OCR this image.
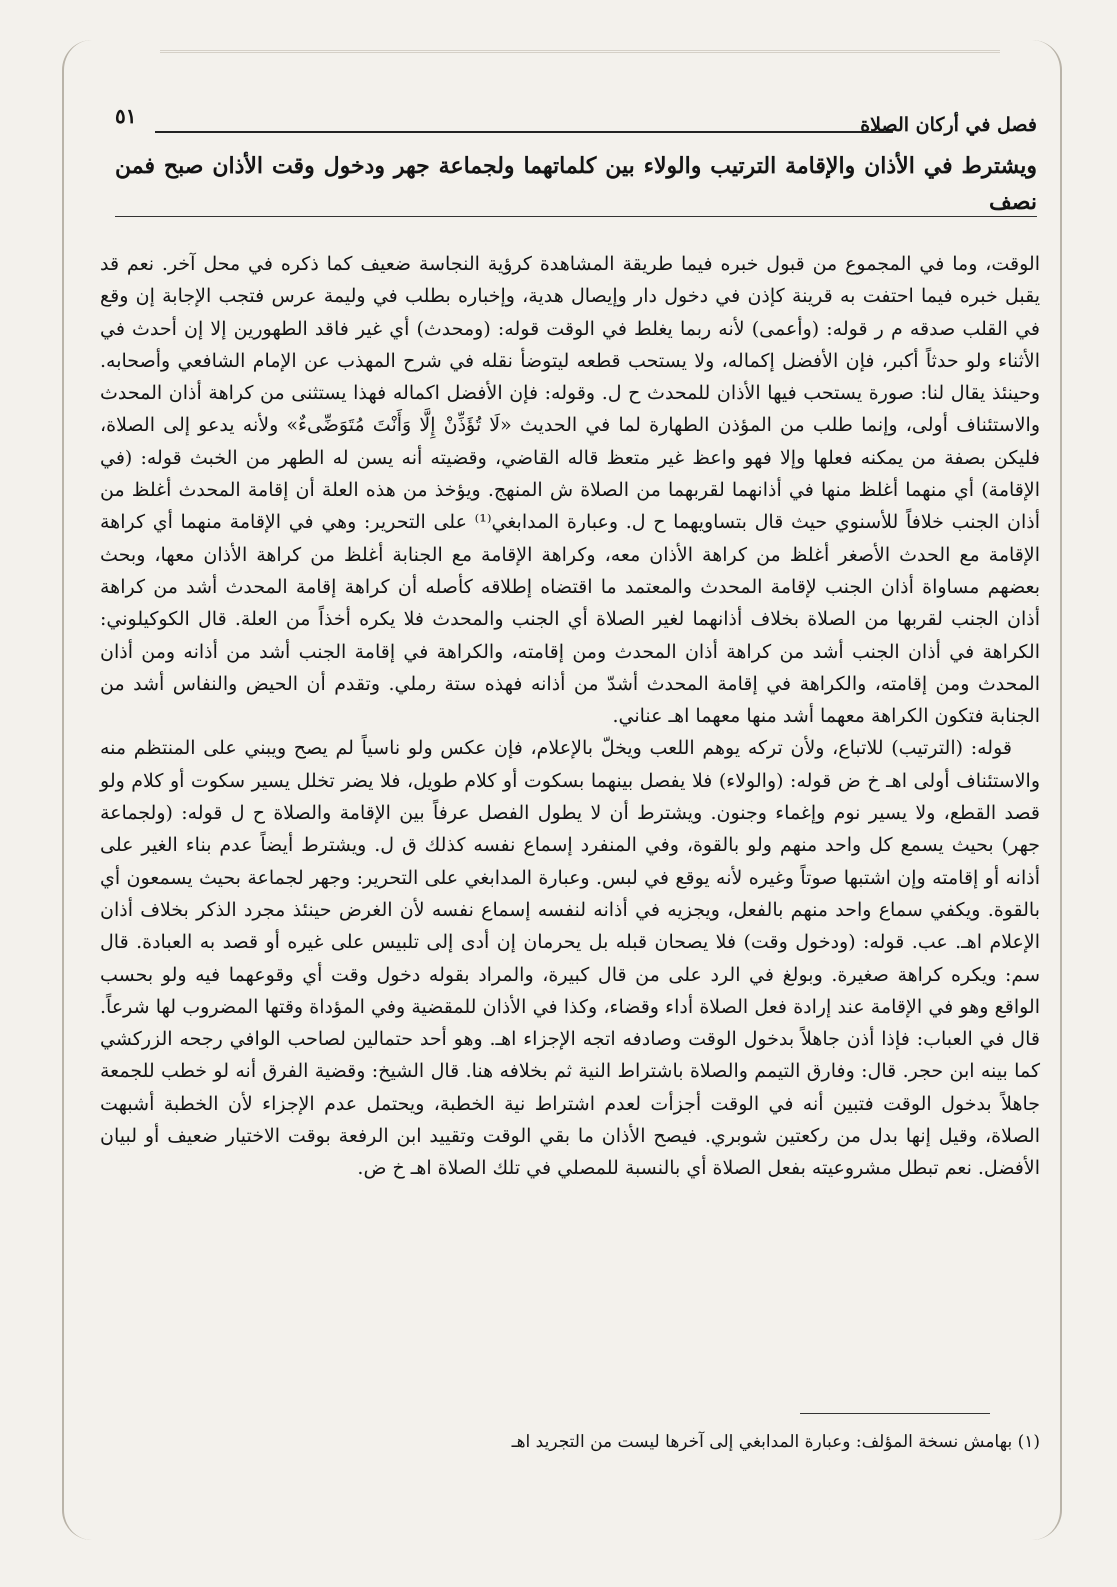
فصل في أركان الصلاة
٥١
ويشترط في الأذان والإقامة الترتيب والولاء بين كلماتهما ولجماعة جهر ودخول وقت الأذان صبح فمن نصف

الوقت، وما في المجموع من قبول خبره فيما طريقة المشاهدة كرؤية النجاسة ضعيف كما ذكره في محل آخر. نعم قد يقبل خبره فيما احتفت به قرينة كإذن في دخول دار وإيصال هدية، وإخباره بطلب في وليمة عرس فتجب الإجابة إن وقع في القلب صدقه م ر قوله: (وأعمى) لأنه ربما يغلط في الوقت قوله: (ومحدث) أي غير فاقد الطهورين إلا إن أحدث في الأثناء ولو حدثاً أكبر، فإن الأفضل إكماله، ولا يستحب قطعه ليتوضأ نقله في شرح المهذب عن الإمام الشافعي وأصحابه. وحينئذ يقال لنا: صورة يستحب فيها الأذان للمحدث ح ل. وقوله: فإن الأفضل اكماله فهذا يستثنى من كراهة أذان المحدث والاستئناف أولى، وإنما طلب من المؤذن الطهارة لما في الحديث «لَا تُؤَذِّنْ إِلَّا وَأَنْتَ مُتَوَضِّىءٌ» ولأنه يدعو إلى الصلاة، فليكن بصفة من يمكنه فعلها وإلا فهو واعظ غير متعظ قاله القاضي، وقضيته أنه يسن له الطهر من الخبث قوله: (في الإقامة) أي منهما أغلظ منها في أذانهما لقربهما من الصلاة ش المنهج. ويؤخذ من هذه العلة أن إقامة المحدث أغلظ من أذان الجنب خلافاً للأسنوي حيث قال بتساويهما ح ل. وعبارة المدابغي⁽¹⁾ على التحرير: وهي في الإقامة منهما أي كراهة الإقامة مع الحدث الأصغر أغلظ من كراهة الأذان معه، وكراهة الإقامة مع الجنابة أغلظ من كراهة الأذان معها، وبحث بعضهم مساواة أذان الجنب لإقامة المحدث والمعتمد ما اقتضاه إطلاقه كأصله أن كراهة إقامة المحدث أشد من كراهة أذان الجنب لقربها من الصلاة بخلاف أذانهما لغير الصلاة أي الجنب والمحدث فلا يكره أخذاً من العلة. قال الكوكيلوني: الكراهة في أذان الجنب أشد من كراهة أذان المحدث ومن إقامته، والكراهة في إقامة الجنب أشد من أذانه ومن أذان المحدث ومن إقامته، والكراهة في إقامة المحدث أشدّ من أذانه فهذه ستة رملي. وتقدم أن الحيض والنفاس أشد من الجنابة فتكون الكراهة معهما أشد منها معهما اهـ عناني.

قوله: (الترتيب) للاتباع، ولأن تركه يوهم اللعب ويخلّ بالإعلام، فإن عكس ولو ناسياً لم يصح ويبني على المنتظم منه والاستئناف أولى اهـ خ ض قوله: (والولاء) فلا يفصل بينهما بسكوت أو كلام طويل، فلا يضر تخلل يسير سكوت أو كلام ولو قصد القطع، ولا يسير نوم وإغماء وجنون. ويشترط أن لا يطول الفصل عرفاً بين الإقامة والصلاة ح ل قوله: (ولجماعة جهر) بحيث يسمع كل واحد منهم ولو بالقوة، وفي المنفرد إسماع نفسه كذلك ق ل. ويشترط أيضاً عدم بناء الغير على أذانه أو إقامته وإن اشتبها صوتاً وغيره لأنه يوقع في لبس. وعبارة المدابغي على التحرير: وجهر لجماعة بحيث يسمعون أي بالقوة. ويكفي سماع واحد منهم بالفعل، ويجزيه في أذانه لنفسه إسماع نفسه لأن الغرض حينئذ مجرد الذكر بخلاف أذان الإعلام اهـ. عب. قوله: (ودخول وقت) فلا يصحان قبله بل يحرمان إن أدى إلى تلبيس على غيره أو قصد به العبادة. قال سم: ويكره كراهة صغيرة. وبولغ في الرد على من قال كبيرة، والمراد بقوله دخول وقت أي وقوعهما فيه ولو بحسب الواقع وهو في الإقامة عند إرادة فعل الصلاة أداء وقضاء، وكذا في الأذان للمقضية وفي المؤداة وقتها المضروب لها شرعاً. قال في العباب: فإذا أذن جاهلاً بدخول الوقت وصادفه اتجه الإجزاء اهـ. وهو أحد حتمالين لصاحب الوافي رجحه الزركشي كما بينه ابن حجر. قال: وفارق التيمم والصلاة باشتراط النية ثم بخلافه هنا. قال الشيخ: وقضية الفرق أنه لو خطب للجمعة جاهلاً بدخول الوقت فتبين أنه في الوقت أجزأت لعدم اشتراط نية الخطبة، ويحتمل عدم الإجزاء لأن الخطبة أشبهت الصلاة، وقيل إنها بدل من ركعتين شوبري. فيصح الأذان ما بقي الوقت وتقييد ابن الرفعة بوقت الاختيار ضعيف أو لبيان الأفضل. نعم تبطل مشروعيته بفعل الصلاة أي بالنسبة للمصلي في تلك الصلاة اهـ خ ض.

(١) بهامش نسخة المؤلف: وعبارة المدابغي إلى آخرها ليست من التجريد اهـ
